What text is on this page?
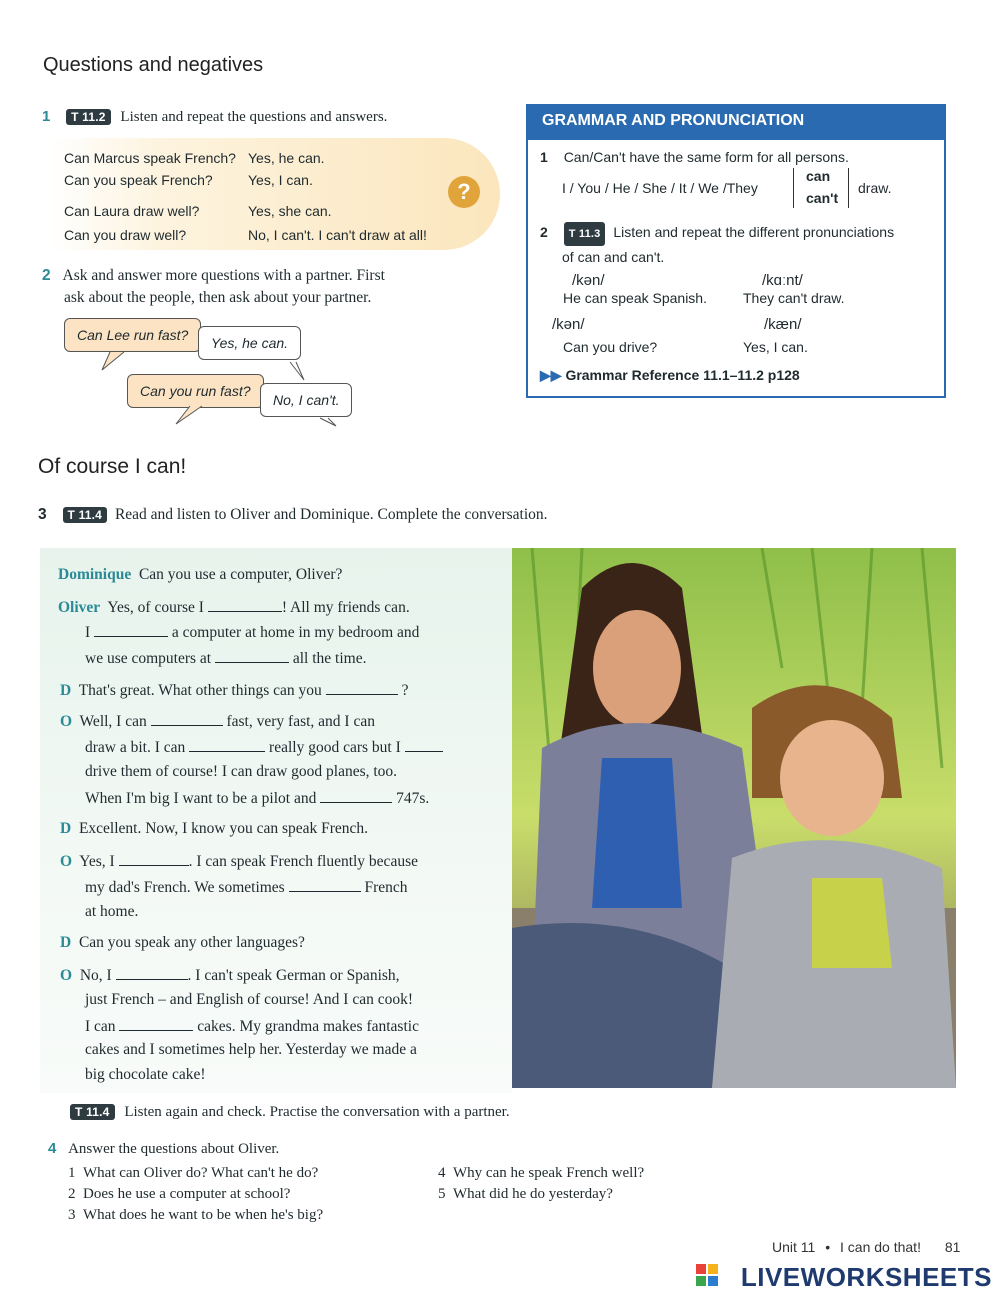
Questions and negatives
1 T 11.2 Listen and repeat the questions and answers.
?
Can Marcus speak French? Yes, he can.
Can you speak French?	Yes, I can.
Can Laura draw well?	Yes, she can.
Can you draw well?	No, I can't. I can't draw at all!
2 Ask and answer more questions with a partner. First
ask about the people, then ask about your partner.
Can Lee run fast?	Yes, he can.
Can you run fast?
No, I can't.
GRAMMAR AND PRONUNCIATION
1 Can/Can't have the same form for all persons.
I / You / He / She / It / We /They
can
can't
draw.
2 T 11.3 Listen and repeat the different pronunciations
of can and can't.
/kən/
He can speak Spanish.
/kɑːnt/
They can't draw.
/kən/
Can you drive?
/kæn/
Yes, I can.
▶▶ Grammar Reference 11.1–11.2 p128
Of course I can!
3 T 11.4 Read and listen to Oliver and Dominique. Complete the conversation.
Dominique Can you use a computer, Oliver?
Oliver Yes, of course I	! All my friends can.
I	a computer at home in my bedroom and
we use computers at	all the time.
D That's great. What other things can you	?
O Well, I can	fast, very fast, and I can
draw a bit. I can	really good cars but I
drive them of course! I can draw good planes, too.
When I'm big I want to be a pilot and	747s.
D Excellent. Now, I know you can speak French.
O Yes, I	. I can speak French fluently because
my dad's French. We sometimes	French
at home.
D Can you speak any other languages?
O No, I	. I can't speak German or Spanish,
just French – and English of course! And I can cook!
I can	cakes. My grandma makes fantastic
cakes and I sometimes help her. Yesterday we made a
big chocolate cake!
T 11.4 Listen again and check. Practise the conversation with a partner.
4 Answer the questions about Oliver.
1 What can Oliver do? What can't he do?
2 Does he use a computer at school?
3 What does he want to be when he's big?
4 Why can he speak French well?
5 What did he do yesterday?
Unit 11 • I can do that! 81
LIVEWORKSHEETS
